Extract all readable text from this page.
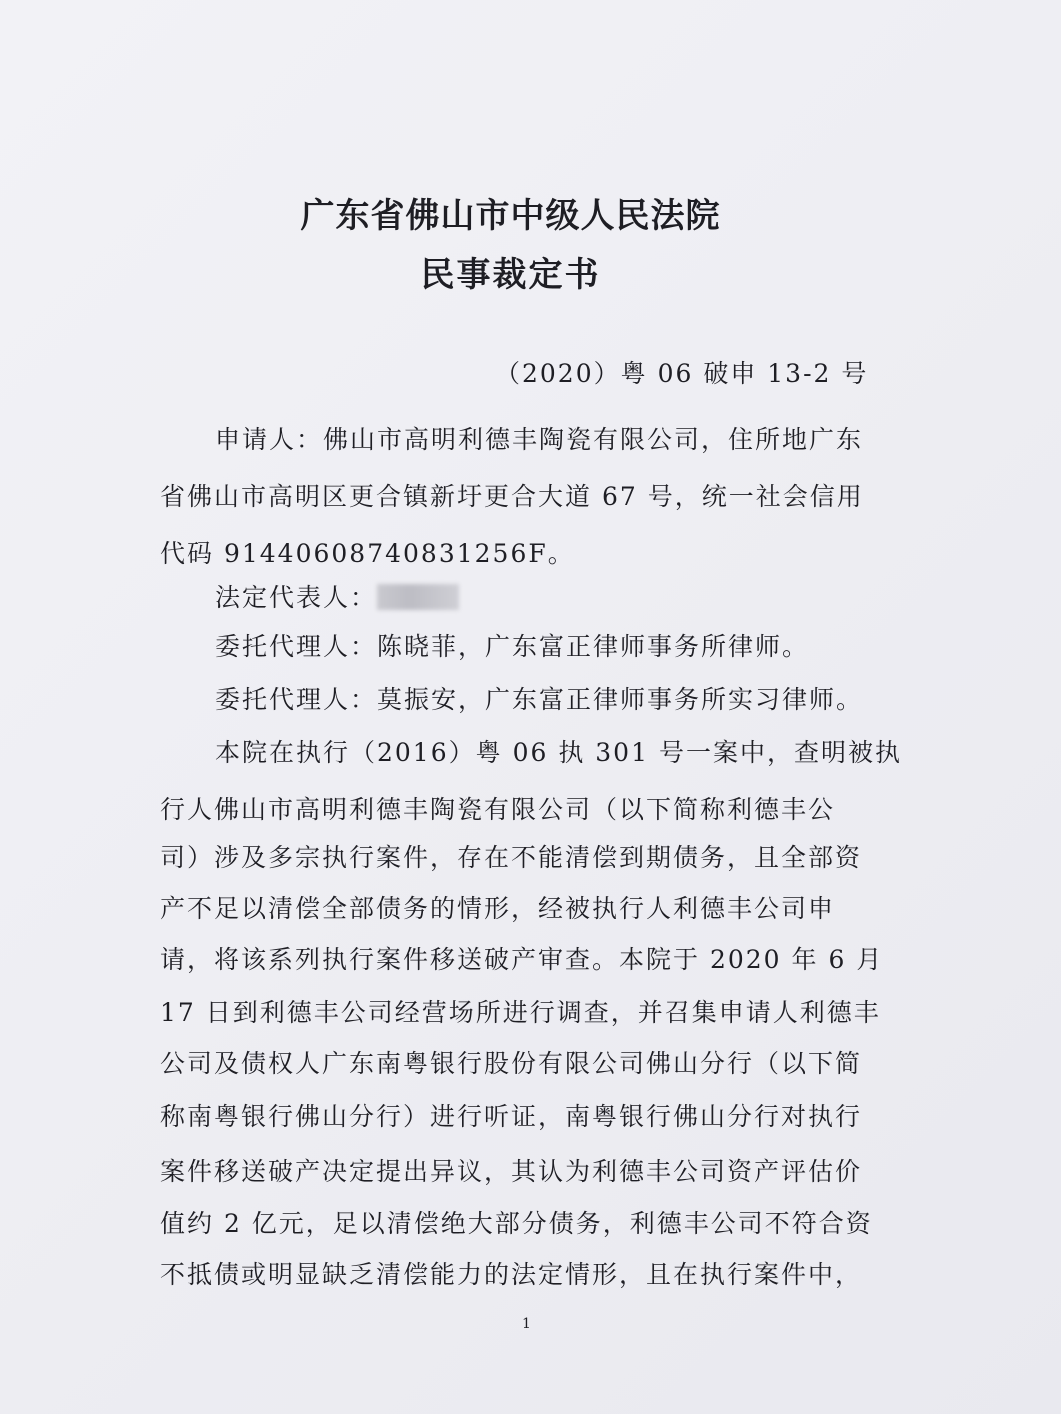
广东省佛山市中级人民法院
民事裁定书
（2020）粤 06 破申 13-2 号
申请人：佛山市高明利德丰陶瓷有限公司，住所地广东
省佛山市高明区更合镇新圩更合大道 67 号，统一社会信用
代码 91440608740831256F。
法定代表人：
委托代理人：陈晓菲，广东富正律师事务所律师。
委托代理人：莫振安，广东富正律师事务所实习律师。
本院在执行（2016）粤 06 执 301 号一案中，查明被执
行人佛山市高明利德丰陶瓷有限公司（以下简称利德丰公
司）涉及多宗执行案件，存在不能清偿到期债务，且全部资
产不足以清偿全部债务的情形，经被执行人利德丰公司申
请，将该系列执行案件移送破产审查。本院于 2020 年 6 月
17 日到利德丰公司经营场所进行调查，并召集申请人利德丰
公司及债权人广东南粤银行股份有限公司佛山分行（以下简
称南粤银行佛山分行）进行听证，南粤银行佛山分行对执行
案件移送破产决定提出异议，其认为利德丰公司资产评估价
值约 2 亿元，足以清偿绝大部分债务，利德丰公司不符合资
不抵债或明显缺乏清偿能力的法定情形，且在执行案件中，
1
